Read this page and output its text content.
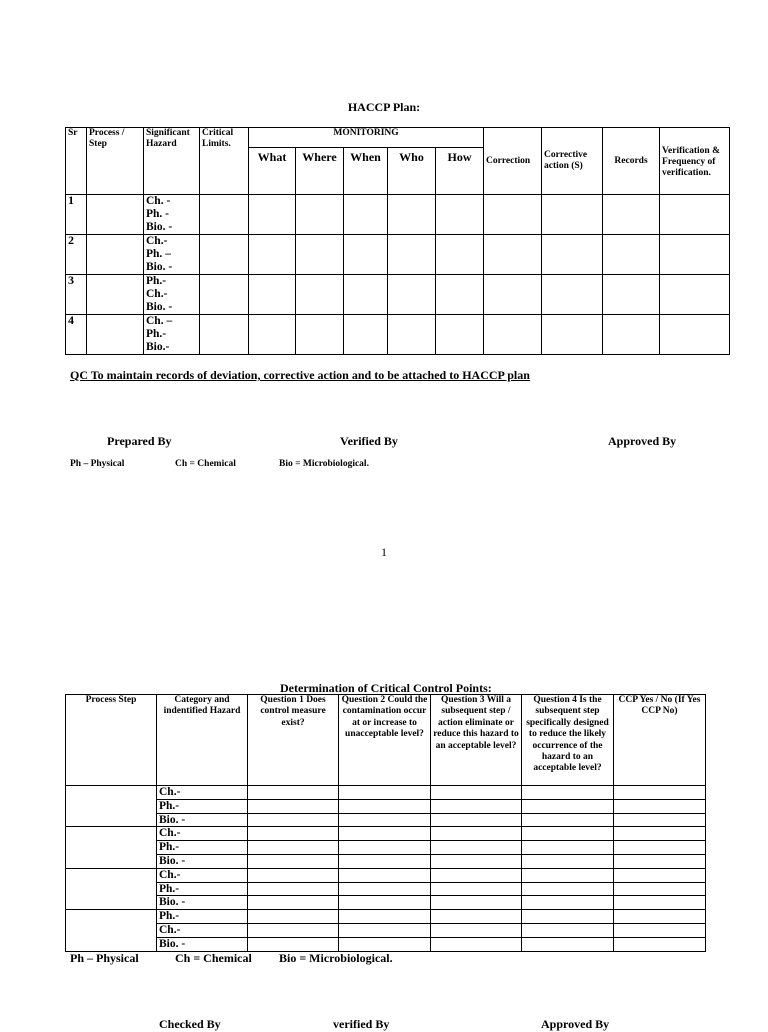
HACCP Plan:
Sr	Process / Step	Significant Hazard	Critical Limits.	MONITORING					Correction	Corrective action (S)	Records	Verification & Frequency of verification.
				What	Where	When	Who	How				
1		Ch. -
Ph. -
Bio. -										

2		Ch.-
Ph. –
Bio. -										

3		Ph.-
Ch.-
Bio. -										

4		Ch. –
Ph.-
Bio.-										

QC To maintain records of deviation, corrective action and to be attached to HACCP plan
Prepared By	Verified By	Approved By
Ph – Physical	Ch = Chemical	Bio = Microbiological.
1
Determination of Critical Control Points:
Process Step	Category and indentified Hazard	Question 1 Does control measure exist?	Question 2 Could the contamination occur at or increase to unacceptable level?	Question 3 Will a subsequent step / action eliminate or reduce this hazard to an acceptable level?	Question 4 Is the subsequent step specifically designed to reduce the likely occurrence of the hazard to an acceptable level?	CCP Yes / No (If Yes CCP No)
	Ch.-					
	Ph.-					
	Bio. -					
	Ch.-					
	Ph.-					
	Bio. -					
	Ch.-					
	Ph.-					
	Bio. -					
	Ph.-					
	Ch.-					
	Bio. -					
Ph – Physical	Ch = Chemical Bio = Microbiological.
Checked By	verified By	Approved By
